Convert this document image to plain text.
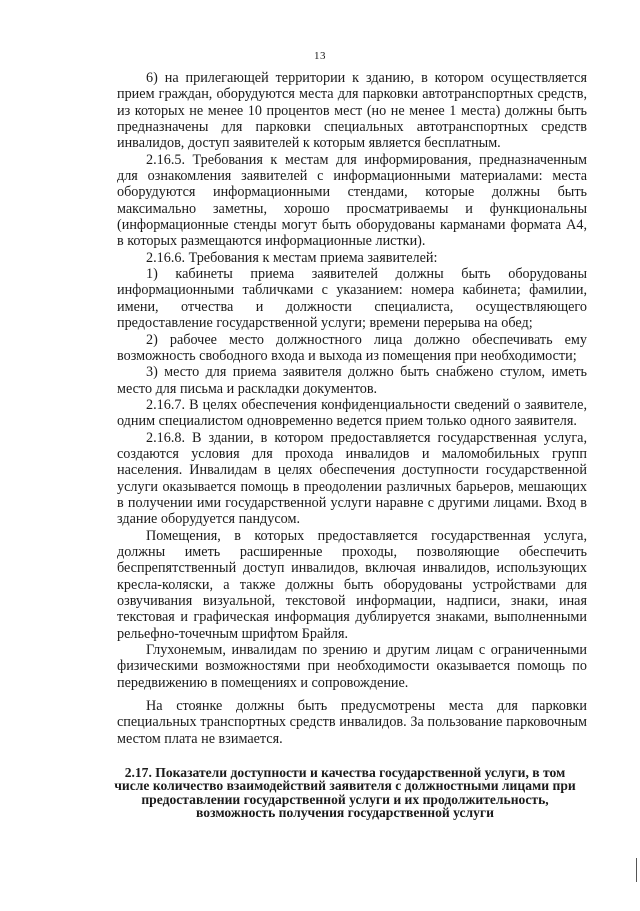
13

6) на прилегающей территории к зданию, в котором осуществляется прием граждан, оборудуются места для парковки автотранспортных средств, из которых не менее 10 процентов мест (но не менее 1 места) должны быть предназначены для парковки специальных автотранспортных средств инвалидов, доступ заявителей к которым является бесплатным.

2.16.5. Требования к местам для информирования, предназначенным для ознакомления заявителей с информационными материалами: места оборудуются информационными стендами, которые должны быть максимально заметны, хорошо просматриваемы и функциональны (информационные стенды могут быть оборудованы карманами формата А4, в которых размещаются информационные листки).

2.16.6. Требования к местам приема заявителей:

1) кабинеты приема заявителей должны быть оборудованы информационными табличками с указанием: номера кабинета; фамилии, имени, отчества и должности специалиста, осуществляющего предоставление государственной услуги; времени перерыва на обед;

2) рабочее место должностного лица должно обеспечивать ему возможность свободного входа и выхода из помещения при необходимости;

3) место для приема заявителя должно быть снабжено стулом, иметь место для письма и раскладки документов.

2.16.7. В целях обеспечения конфиденциальности сведений о заявителе, одним специалистом одновременно ведется прием только одного заявителя.

2.16.8. В здании, в котором предоставляется государственная услуга, создаются условия для прохода инвалидов и маломобильных групп населения. Инвалидам в целях обеспечения доступности государственной услуги оказывается помощь в преодолении различных барьеров, мешающих в получении ими государственной услуги наравне с другими лицами. Вход в здание оборудуется пандусом.

Помещения, в которых предоставляется государственная услуга, должны иметь расширенные проходы, позволяющие обеспечить беспрепятственный доступ инвалидов, включая инвалидов, использующих кресла-коляски, а также должны быть оборудованы устройствами для озвучивания визуальной, текстовой информации, надписи, знаки, иная текстовая и графическая информация дублируется знаками, выполненными рельефно-точечным шрифтом Брайля.

Глухонемым, инвалидам по зрению и другим лицам с ограниченными физическими возможностями при необходимости оказывается помощь по передвижению в помещениях и сопровождение.

На стоянке должны быть предусмотрены места для парковки специальных транспортных средств инвалидов. За пользование парковочным местом плата не взимается.

2.17. Показатели доступности и качества государственной услуги, в том числе количество взаимодействий заявителя с должностными лицами при предоставлении государственной услуги и их продолжительность, возможность получения государственной услуги
